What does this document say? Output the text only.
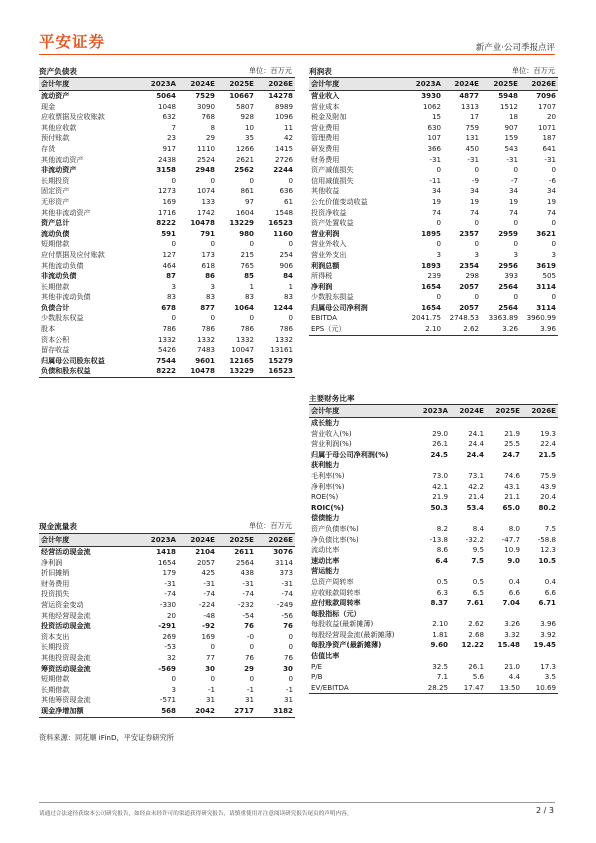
平安证券	新产业·公司季报点评
资产负债表	单位：百万元
会计年度	2023A	2024E	2025E	2026E
流动资产	5064	7529	10667	14278
现金	1048	3090	5807	8989
应收票据及应收账款	632	768	928	1096
其他应收款	7	8	10	11
预付账款	23	29	35	42
存货	917	1110	1266	1415
其他流动资产	2438	2524	2621	2726
非流动资产	3158	2948	2562	2244
长期投资	0	0	0	0
固定资产	1273	1074	861	636
无形资产	169	133	97	61
其他非流动资产	1716	1742	1604	1548
资产总计	8222	10478	13229	16523
流动负债	591	791	980	1160
短期借款	0	0	0	0
应付票据及应付账款	127	173	215	254
其他流动负债	464	618	765	906
非流动负债	87	86	85	84
长期借款	3	3	1	1
其他非流动负债	83	83	83	83
负债合计	678	877	1064	1244
少数股东权益	0	0	0	0
股本	786	786	786	786
资本公积	1332	1332	1332	1332
留存收益	5426	7483	10047	13161
归属母公司股东权益	7544	9601	12165	15279
负债和股东权益	8222	10478	13229	16523
利润表	单位：百万元
会计年度	2023A	2024E	2025E	2026E
营业收入	3930	4877	5948	7096
营业成本	1062	1313	1512	1707
税金及附加	15	17	18	20
营业费用	630	759	907	1071
管理费用	107	131	159	187
研发费用	366	450	543	641
财务费用	-31	-31	-31	-31
资产减值损失	0	0	0	0
信用减值损失	-11	-9	-7	-6
其他收益	34	34	34	34
公允价值变动收益	19	19	19	19
投资净收益	74	74	74	74
资产处置收益	0	0	0	0
营业利润	1895	2357	2959	3621
营业外收入	0	0	0	0
营业外支出	3	3	3	3
利润总额	1893	2354	2956	3619
所得税	239	298	393	505
净利润	1654	2057	2564	3114
少数股东损益	0	0	0	0
归属母公司净利润	1654	2057	2564	3114
EBITDA	2041.75	2748.53	3363.89	3960.99
EPS（元）	2.10	2.62	3.26	3.96
主要财务比率
会计年度	2023A	2024E	2025E	2026E
成长能力				
营业收入(%)	29.0	24.1	21.9	19.3
营业利润(%)	26.1	24.4	25.5	22.4
归属于母公司净利润(%)	24.5	24.4	24.7	21.5
获利能力				
毛利率(%)	73.0	73.1	74.6	75.9
净利率(%)	42.1	42.2	43.1	43.9
ROE(%)	21.9	21.4	21.1	20.4
ROIC(%)	50.3	53.4	65.0	80.2
偿债能力				
资产负债率(%)	8.2	8.4	8.0	7.5
净负债比率(%)	-13.8	-32.2	-47.7	-58.8
流动比率	8.6	9.5	10.9	12.3
速动比率	6.4	7.5	9.0	10.5
营运能力				
总资产周转率	0.5	0.5	0.4	0.4
应收账款周转率	6.3	6.5	6.6	6.6
应付账款周转率	8.37	7.61	7.04	6.71
每股指标（元）				
每股收益(最新摊薄)	2.10	2.62	3.26	3.96
每股经营现金流(最新摊薄)	1.81	2.68	3.32	3.92
每股净资产(最新摊薄)	9.60	12.22	15.48	19.45
估值比率				
P/E	32.5	26.1	21.0	17.3
P/B	7.1	5.6	4.4	3.5
EV/EBITDA	28.25	17.47	13.50	10.69
现金流量表	单位：百万元
会计年度	2023A	2024E	2025E	2026E
经营活动现金流	1418	2104	2611	3076
净利润	1654	2057	2564	3114
折旧摊销	179	425	438	373
财务费用	-31	-31	-31	-31
投资损失	-74	-74	-74	-74
营运资金变动	-330	-224	-232	-249
其他经营现金流	20	-48	-54	-56
投资活动现金流	-291	-92	76	76
资本支出	269	169	-0	0
长期投资	-53	0	0	0
其他投资现金流	32	77	76	76
筹资活动现金流	-569	30	29	30
短期借款	0	0	0	0
长期借款	3	-1	-1	-1
其他筹资现金流	-571	31	31	31
现金净增加额	568	2042	2717	3182
资料来源：同花顺 iFinD，平安证券研究所
请通过合法途径获取本公司研究报告，如经由未经许可的渠道获得研究报告，请慎重使用并注意阅读研究报告尾页的声明内容。	2 / 3
